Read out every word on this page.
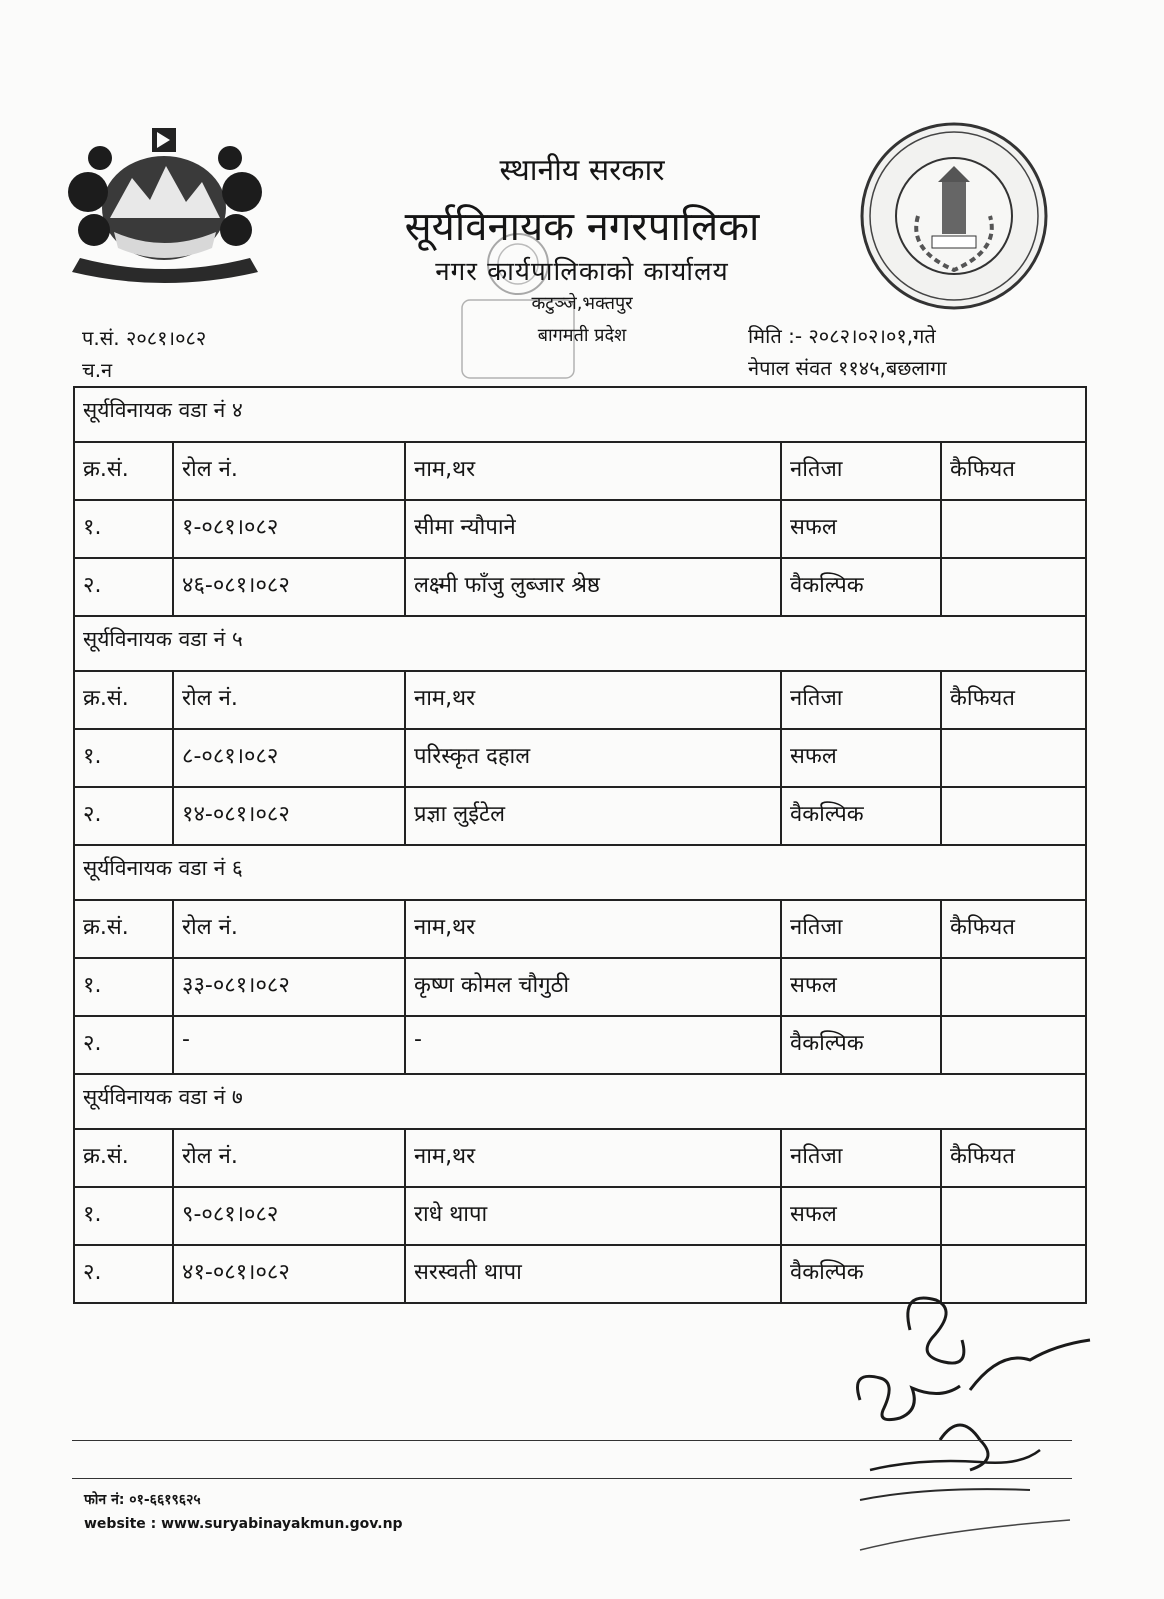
स्थानीय सरकार
सूर्यविनायक नगरपालिका
नगर कार्यपालिकाको कार्यालय
कटुञ्जे,भक्तपुर
बागमती प्रदेश
प.सं. २०८१।०८२
च.न
मिति :- २०८२।०२।०१,गते
नेपाल संवत ११४५,बछलागा
सूर्यविनायक वडा नं ४
क्र.सं.	रोल नं.	नाम,थर	नतिजा	कैफियत
१.	१-०८१।०८२	सीमा न्यौपाने	सफल
२.	४६-०८१।०८२	लक्ष्मी फाँजु लुब्जार श्रेष्ठ	वैकल्पिक
सूर्यविनायक वडा नं ५
क्र.सं.	रोल नं.	नाम,थर	नतिजा	कैफियत
१.	८-०८१।०८२	परिस्कृत दहाल	सफल
२.	१४-०८१।०८२	प्रज्ञा लुईटेल	वैकल्पिक
सूर्यविनायक वडा नं ६
क्र.सं.	रोल नं.	नाम,थर	नतिजा	कैफियत
१.	३३-०८१।०८२	कृष्ण कोमल चौगुठी	सफल
२.	-	-	वैकल्पिक
सूर्यविनायक वडा नं ७
क्र.सं.	रोल नं.	नाम,थर	नतिजा	कैफियत
१.	९-०८१।०८२	राधे थापा	सफल
२.	४१-०८१।०८२	सरस्वती थापा	वैकल्पिक
फोन नं: ०१-६६१९६२५
website : www.suryabinayakmun.gov.np
